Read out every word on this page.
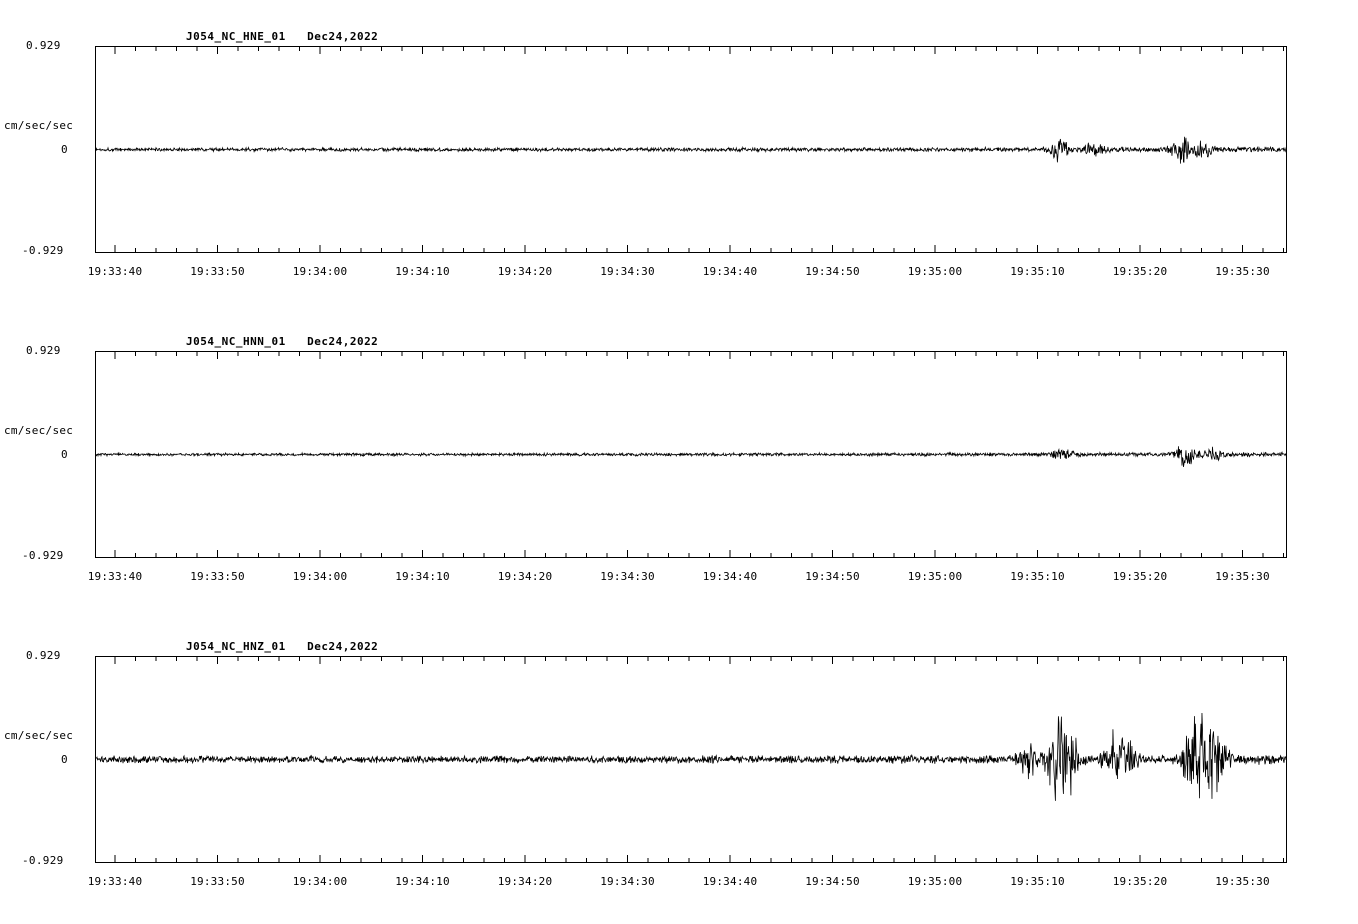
cm/sec/sec
0.929
0
-0.929
J054_NC_HNE_01   Dec24,2022
19:33:40	19:33:50	19:34:00	19:34:10	19:34:20	19:34:30	19:34:40	19:34:50	19:35:00	19:35:10	19:35:20	19:35:30
cm/sec/sec
0.929
0
-0.929
J054_NC_HNN_01   Dec24,2022
19:33:40	19:33:50	19:34:00	19:34:10	19:34:20	19:34:30	19:34:40	19:34:50	19:35:00	19:35:10	19:35:20	19:35:30
cm/sec/sec
0.929
0
-0.929
J054_NC_HNZ_01   Dec24,2022
19:33:40	19:33:50	19:34:00	19:34:10	19:34:20	19:34:30	19:34:40	19:34:50	19:35:00	19:35:10	19:35:20	19:35:30
